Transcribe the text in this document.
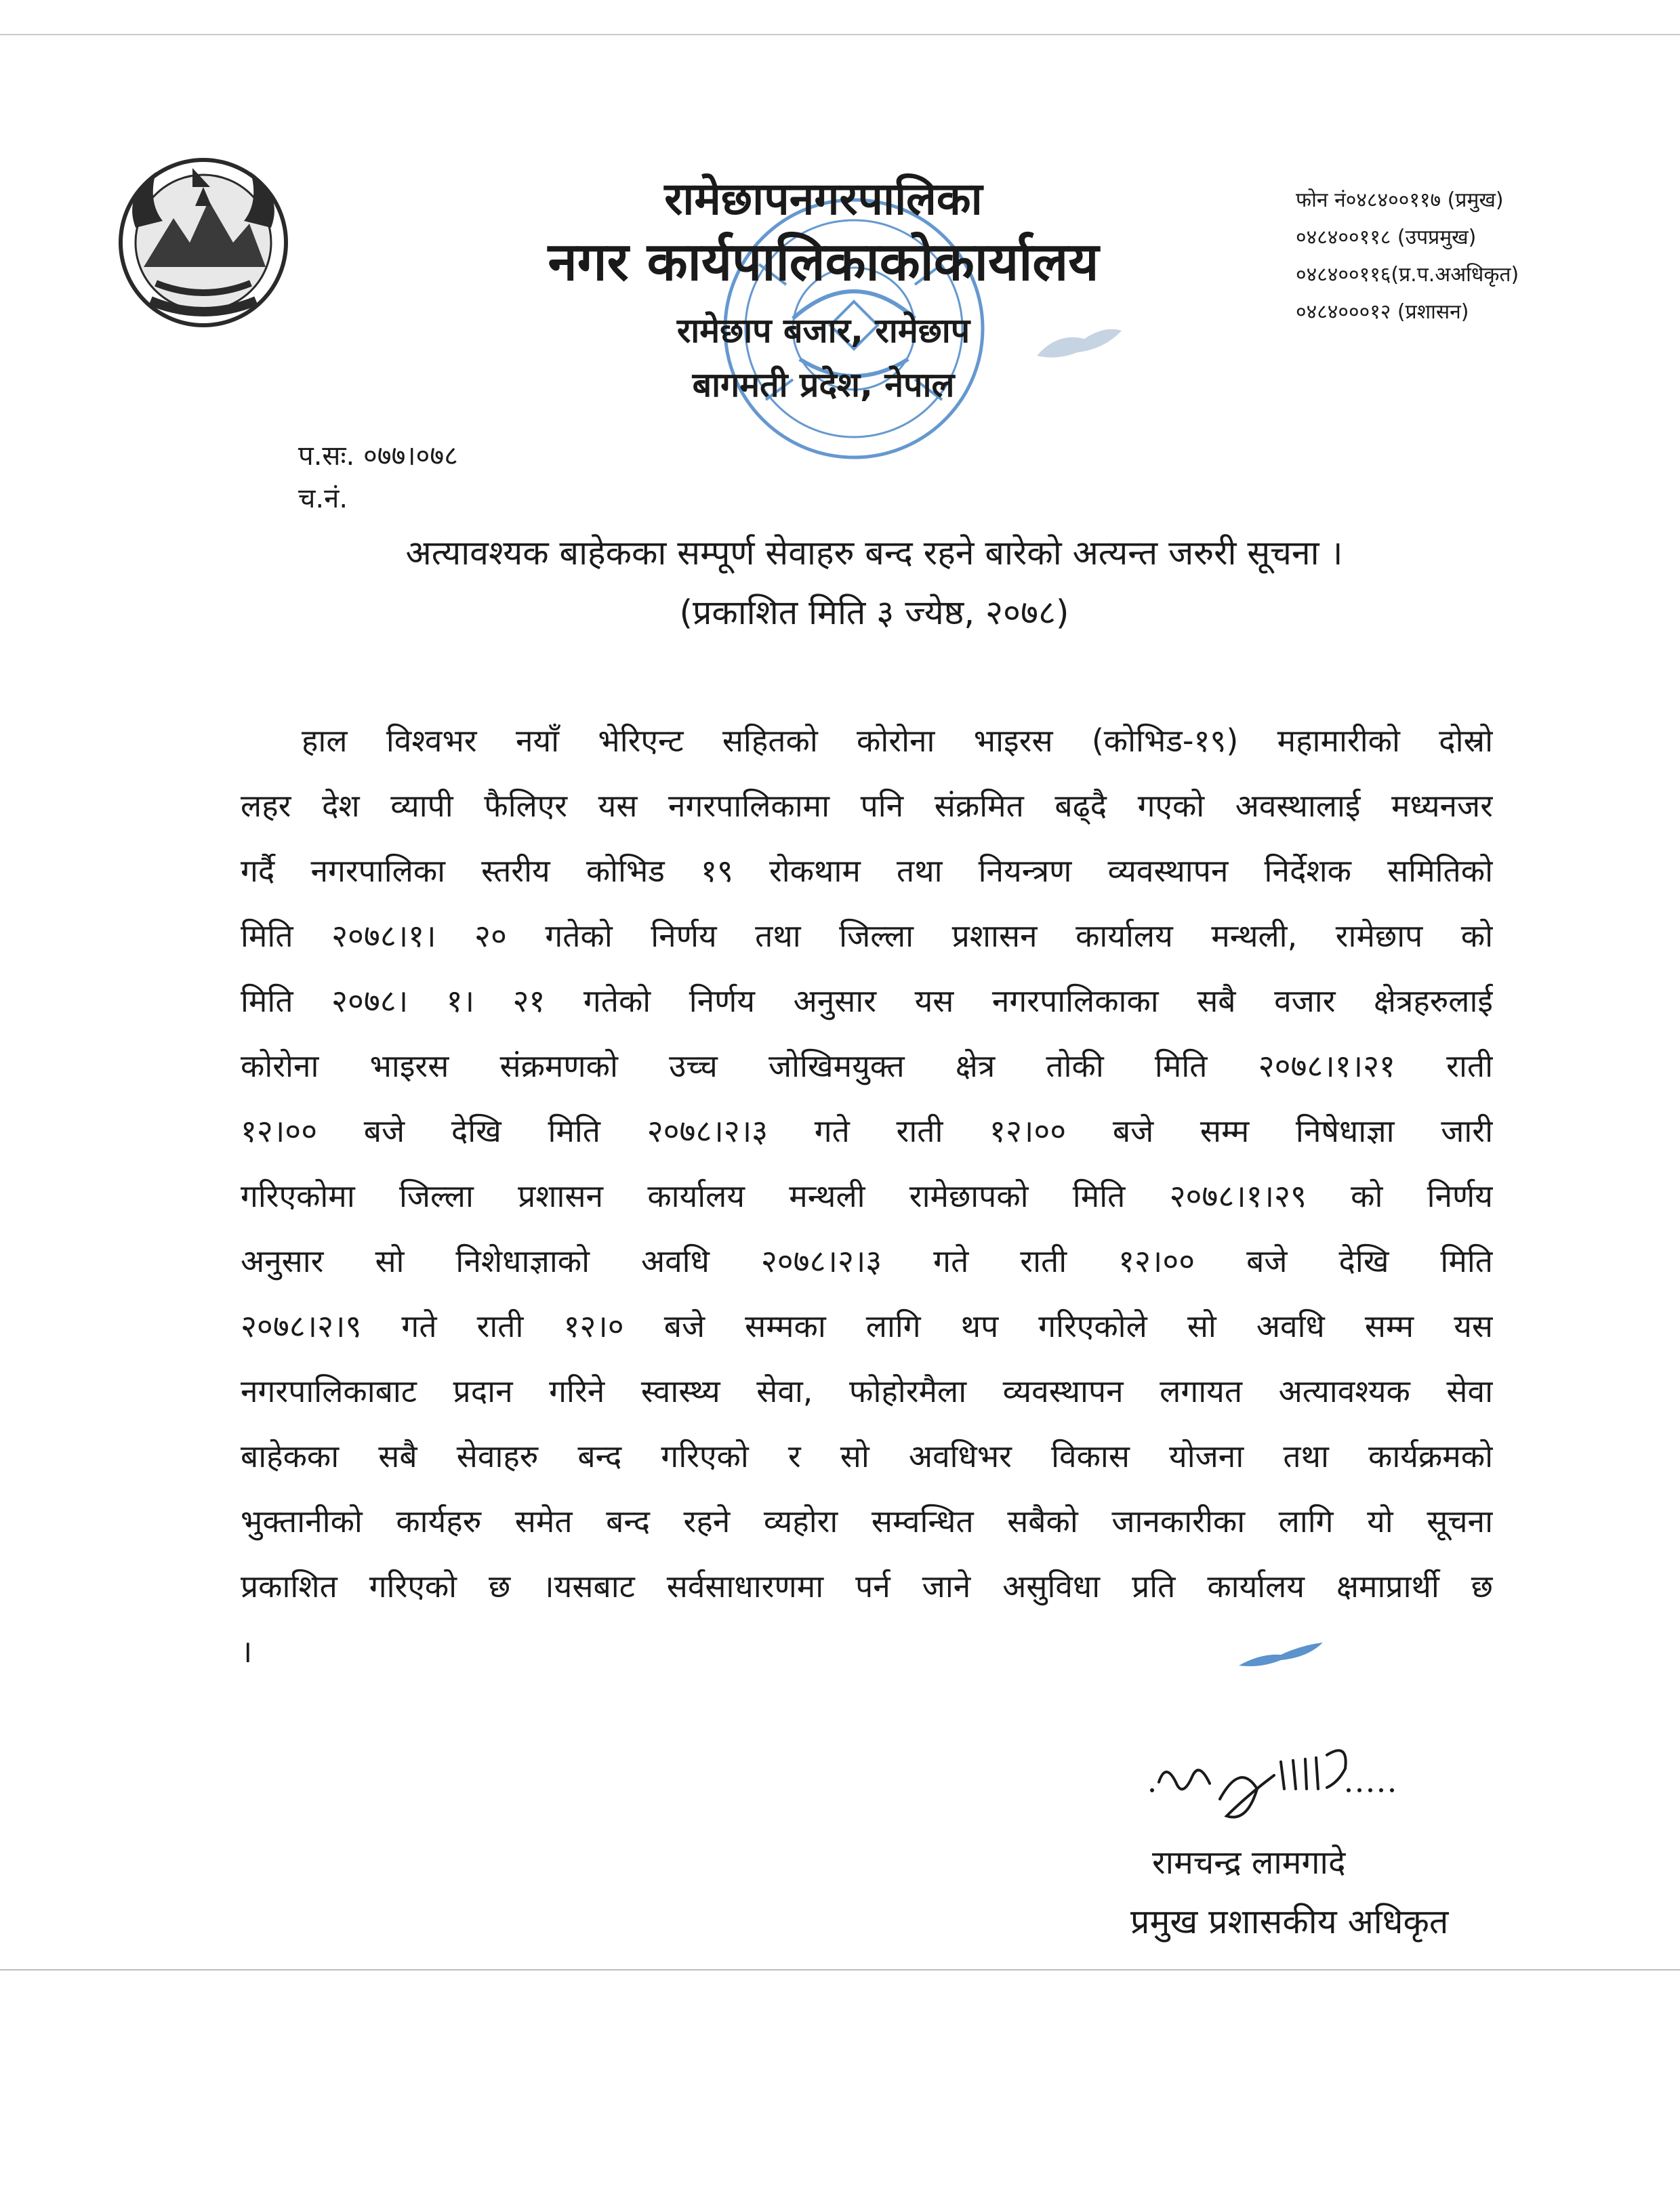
रामेछापनगरपालिका
नगर कार्यपालिकाकोकार्यालय
रामेछाप बजार, रामेछाप
बागमती प्रदेश, नेपाल
फोन नं०४८४००११७ (प्रमुख)
०४८४००११८ (उपप्रमुख)
०४८४००११६(प्र.प.अअधिकृत)
०४८४०००१२ (प्रशासन)
प.सः. ०७७।०७८
च.नं.
अत्यावश्यक बाहेकका सम्पूर्ण सेवाहरु बन्द रहने बारेको अत्यन्त जरुरी सूचना ।
(प्रकाशित मिति ३ ज्येष्ठ, २०७८)
हाल विश्वभर नयाँ भेरिएन्ट सहितको कोरोना भाइरस (कोभिड-१९) महामारीको दोस्रो
लहर देश व्यापी फैलिएर यस नगरपालिकामा पनि संक्रमित बढ्दै गएको अवस्थालाई मध्यनजर
गर्दै नगरपालिका स्तरीय कोभिड १९ रोकथाम तथा नियन्त्रण व्यवस्थापन निर्देशक समितिको
मिति २०७८।१। २० गतेको निर्णय तथा जिल्ला प्रशासन कार्यालय मन्थली, रामेछाप को
मिति २०७८। १। २१ गतेको निर्णय अनुसार यस नगरपालिकाका सबै वजार क्षेत्रहरुलाई
कोरोना भाइरस संक्रमणको उच्च जोखिमयुक्त क्षेत्र तोकी मिति २०७८।१।२१ राती
१२।०० बजे देखि मिति २०७८।२।३ गते राती १२।०० बजे सम्म निषेधाज्ञा जारी
गरिएकोमा जिल्ला प्रशासन कार्यालय मन्थली रामेछापको मिति २०७८।१।२९ को निर्णय
अनुसार सो निशेधाज्ञाको अवधि २०७८।२।३ गते राती १२।०० बजे देखि मिति
२०७८।२।९ गते राती १२।० बजे सम्मका लागि थप गरिएकोले सो अवधि सम्म यस
नगरपालिकाबाट प्रदान गरिने स्वास्थ्य सेवा, फोहोरमैला व्यवस्थापन लगायत अत्यावश्यक सेवा
बाहेकका सबै सेवाहरु बन्द गरिएको र सो अवधिभर विकास योजना तथा कार्यक्रमको
भुक्तानीको कार्यहरु समेत बन्द रहने व्यहोरा सम्वन्धित सबैको जानकारीका लागि यो सूचना
प्रकाशित गरिएको छ ।यसबाट सर्वसाधारणमा पर्न जाने असुविधा प्रति कार्यालय क्षमाप्रार्थी छ
।
रामचन्द्र लामगादे
प्रमुख प्रशासकीय अधिकृत
